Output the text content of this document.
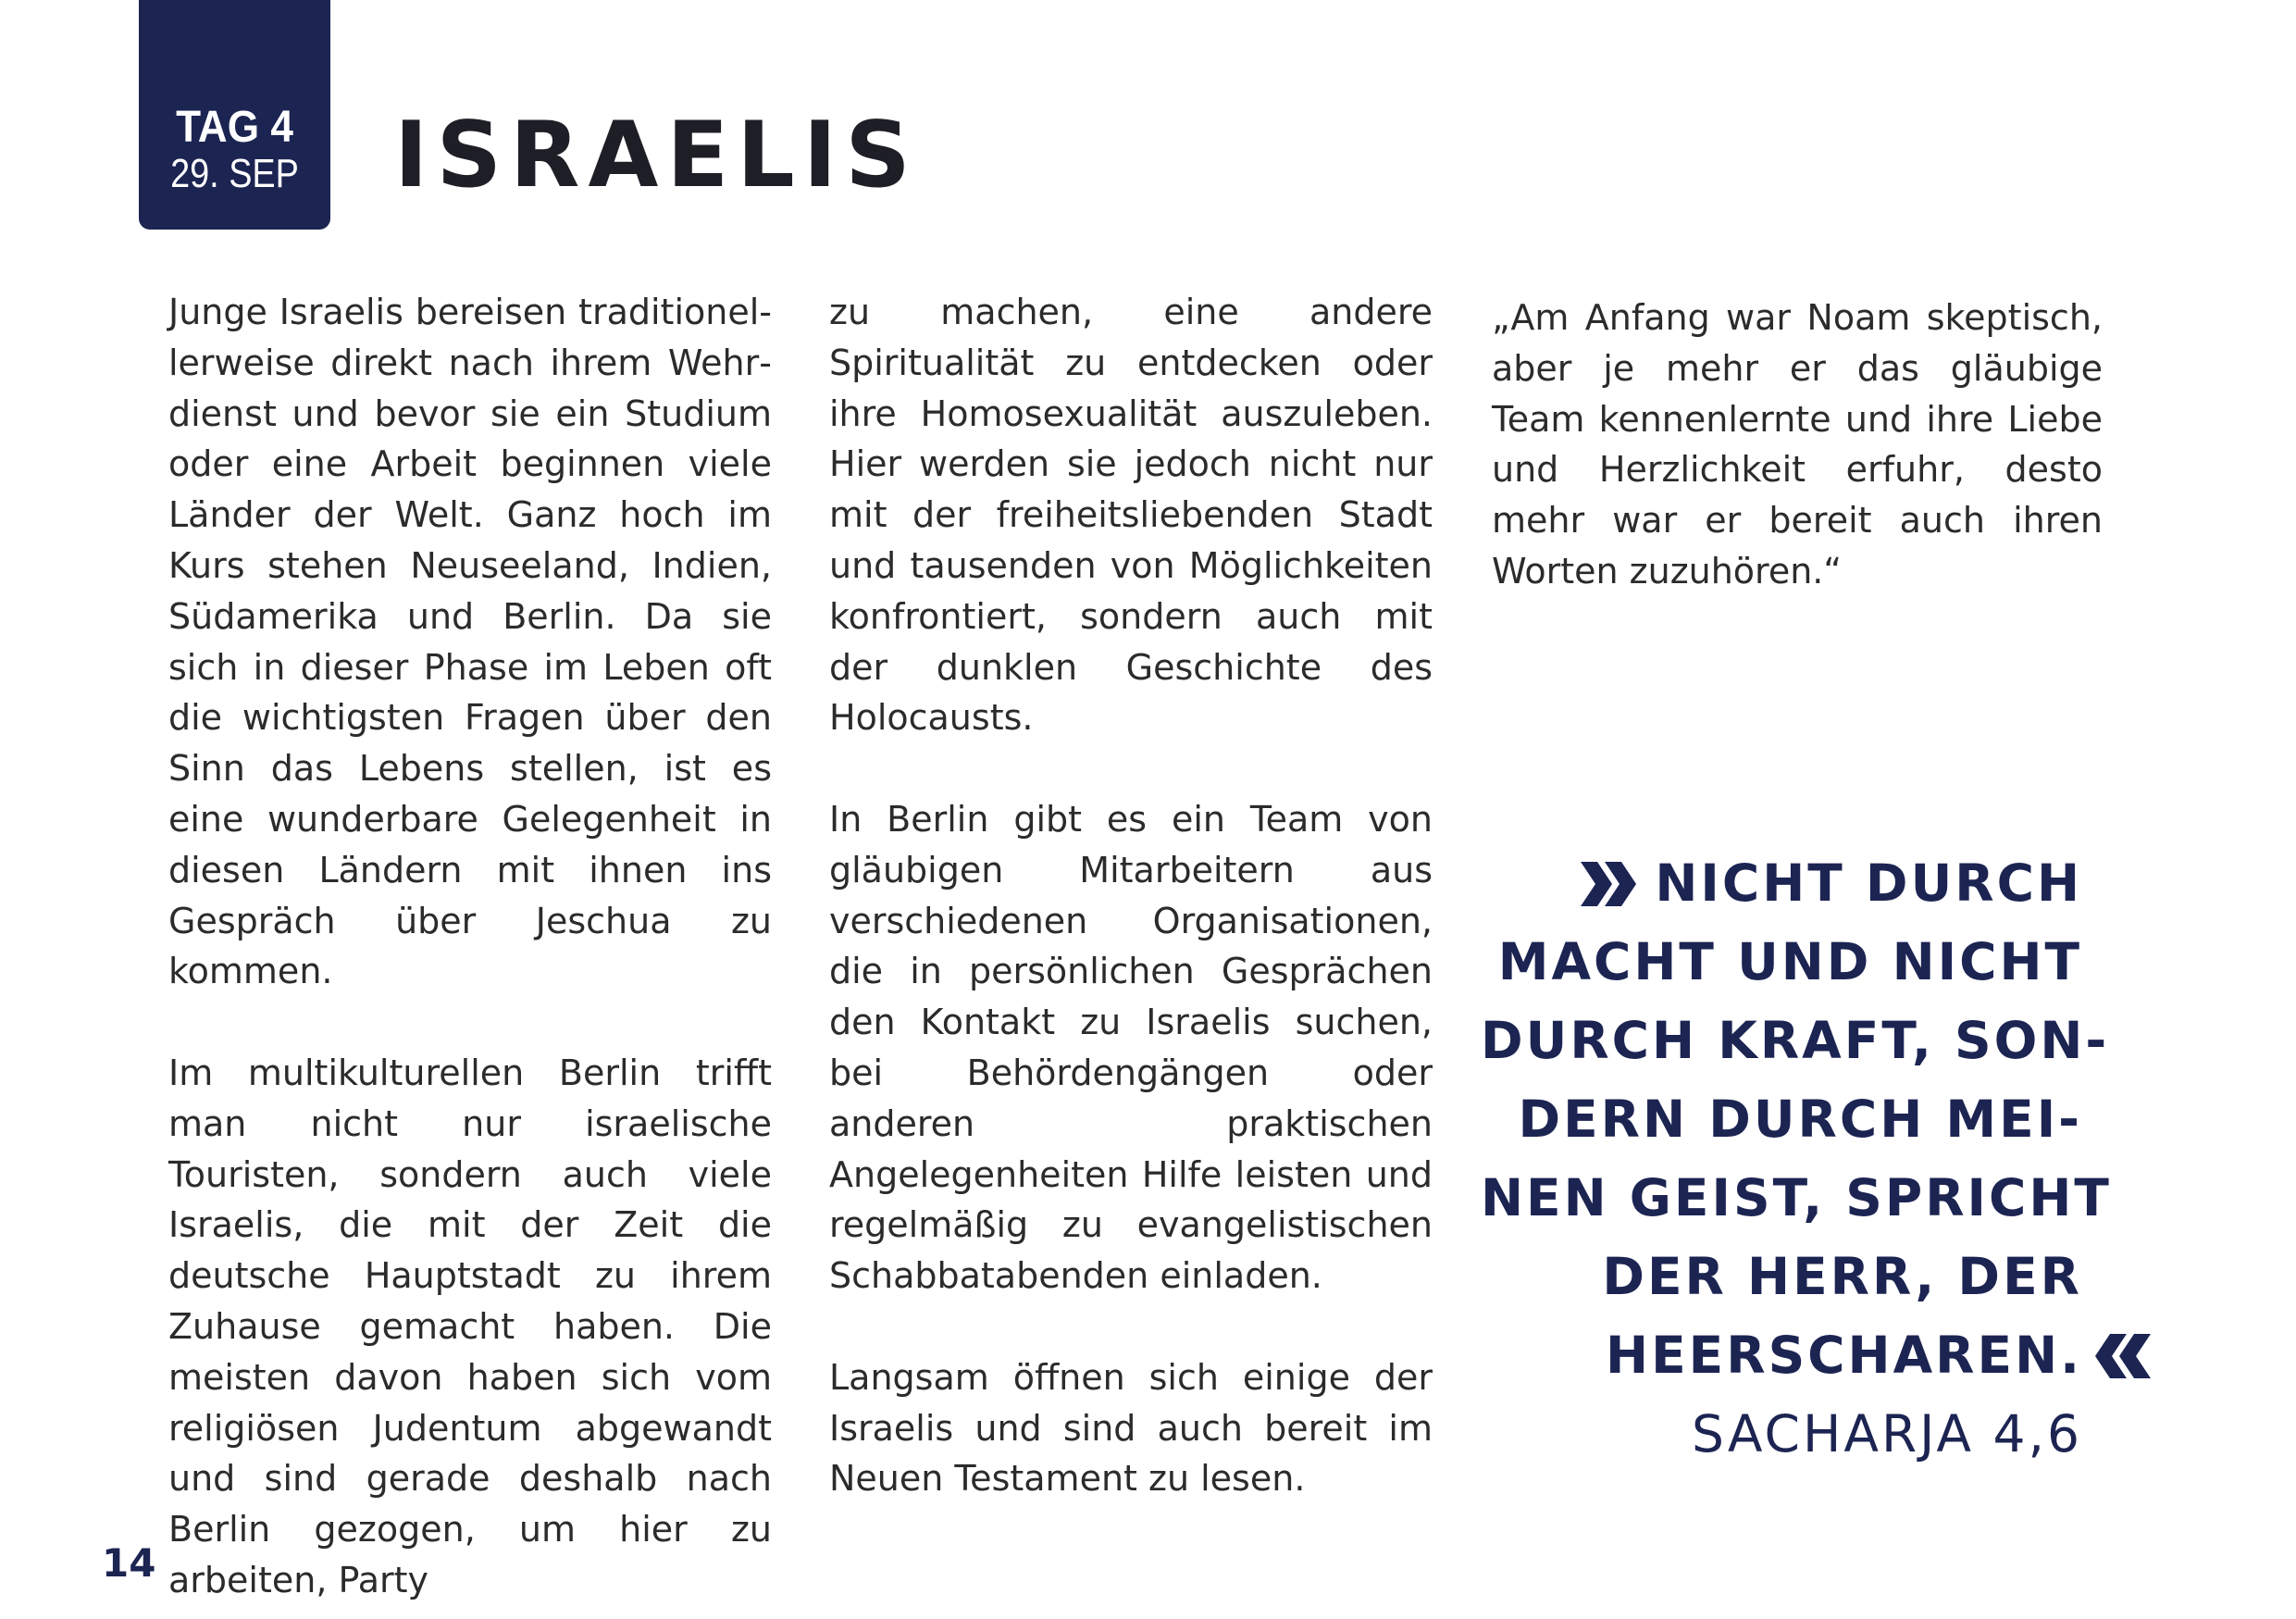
TAG 4
29. SEP ISRAELIS

Junge Israelis bereisen traditionellerweise direkt nach ihrem Wehrdienst und bevor sie ein Studium oder eine Arbeit beginnen viele Länder der Welt. Ganz hoch im Kurs stehen Neuseeland, Indien, Südamerika und Berlin. Da sie sich in dieser Phase im Leben oft die wichtigsten Fragen über den Sinn das Lebens stellen, ist es eine wunderbare Gelegenheit in diesen Ländern mit ihnen ins Gespräch über Jeschua zu kommen.

Im multikulturellen Berlin trifft man nicht nur israelische Touristen, sondern auch viele Israelis, die mit der Zeit die deutsche Hauptstadt zu ihrem Zuhause gemacht haben. Die meisten davon haben sich vom religiösen Judentum abgewandt und sind gerade deshalb nach Berlin gezogen, um hier zu arbeiten, Party

zu machen, eine andere Spiritualität zu entdecken oder ihre Homosexualität auszuleben. Hier werden sie jedoch nicht nur mit der freiheitsliebenden Stadt und tausenden von Möglichkeiten konfrontiert, sondern auch mit der dunklen Geschichte des Holocausts.

In Berlin gibt es ein Team von gläubigen Mitarbeitern aus verschiedenen Organisationen, die in persönlichen Gesprächen den Kontakt zu Israelis suchen, bei Behördengängen oder anderen praktischen Angelegenheiten Hilfe leisten und regelmäßig zu evangelistischen Schabbatabenden einladen.

Langsam öffnen sich einige der Israelis und sind auch bereit im Neuen Testament zu lesen.

„Am Anfang war Noam skeptisch, aber je mehr er das gläubige Team kennenlernte und ihre Liebe und Herzlichkeit erfuhr, desto mehr war er bereit auch ihren Worten zuzuhören.“

NICHT DURCH
MACHT UND NICHT
DURCH KRAFT, SON-
DERN DURCH MEI-
NEN GEIST, SPRICHT
DER HERR, DER
HEERSCHAREN.
SACHARJA 4,6
14
